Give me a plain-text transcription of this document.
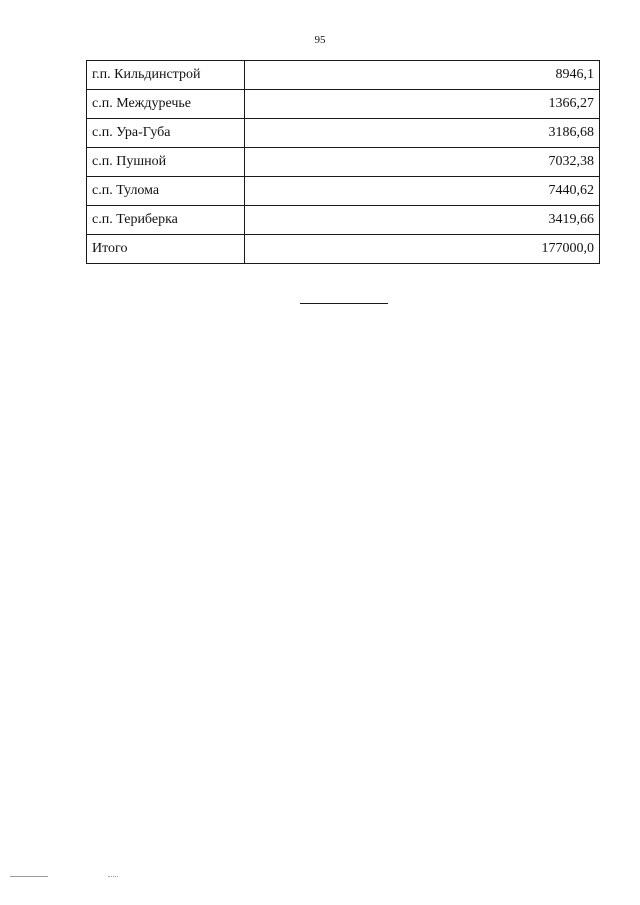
95
г.п. Кильдинстрой	8946,1
с.п. Междуречье	1366,27
с.п. Ура-Губа	3186,68
с.п. Пушной	7032,38
с.п. Тулома	7440,62
с.п. Териберка	3419,66
Итого	177000,0
